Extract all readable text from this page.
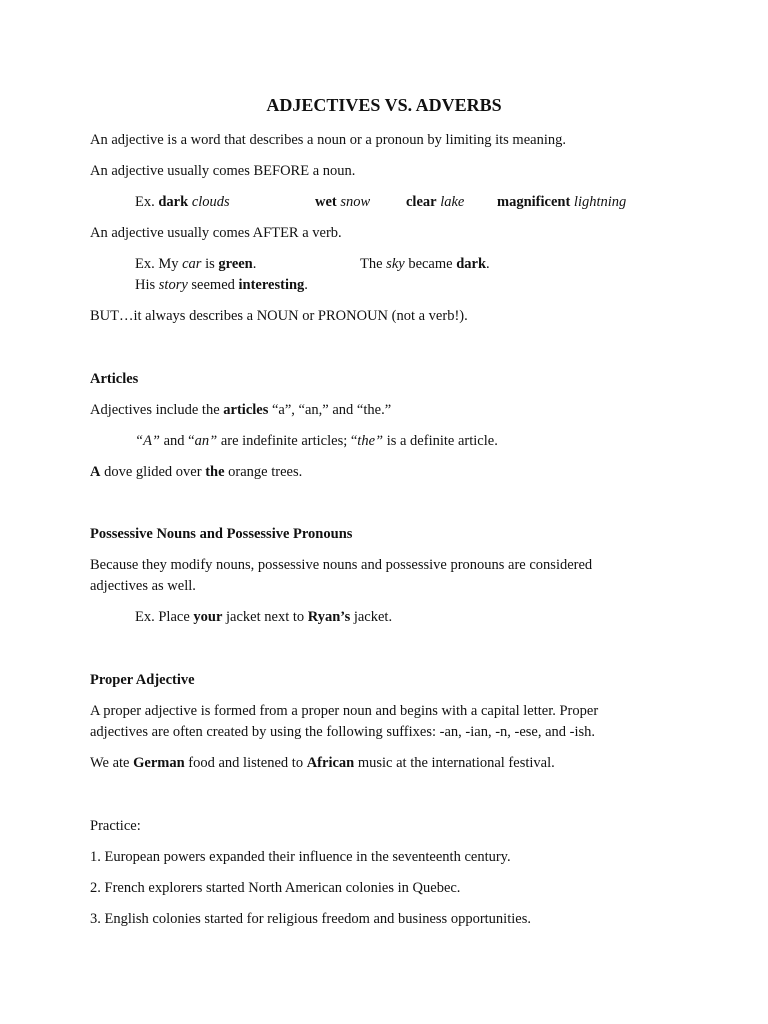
ADJECTIVES VS. ADVERBS
An adjective is a word that describes a noun or a pronoun by limiting its meaning.
An adjective usually comes BEFORE a noun.
Ex. dark clouds	wet snow clear lake magnificent lightning
An adjective usually comes AFTER a verb.
Ex. My car is green.	The sky became dark.
His story seemed interesting.
BUT…it always describes a NOUN or PRONOUN (not a verb!).
Articles
Adjectives include the articles “a”, “an,” and “the.”
“A” and “an” are indefinite articles; “the” is a definite article.
A dove glided over the orange trees.
Possessive Nouns and Possessive Pronouns
Because they modify nouns, possessive nouns and possessive pronouns are considered
adjectives as well.
Ex. Place your jacket next to Ryan’s jacket.
Proper Adjective
A proper adjective is formed from a proper noun and begins with a capital letter. Proper
adjectives are often created by using the following suffixes: -an, -ian, -n, -ese, and -ish.
We ate German food and listened to African music at the international festival.
Practice:
1. European powers expanded their influence in the seventeenth century.
2. French explorers started North American colonies in Quebec.
3. English colonies started for religious freedom and business opportunities.
